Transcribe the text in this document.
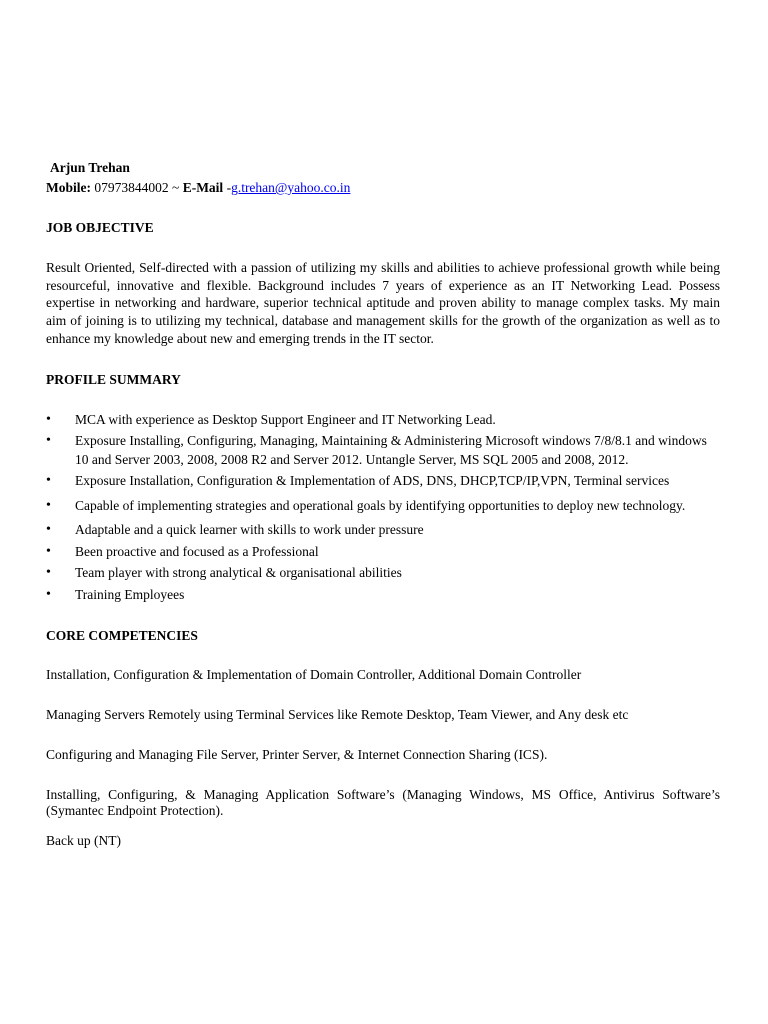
Arjun Trehan

Mobile: 07973844002 ~ E-Mail -g.trehan@yahoo.co.in

JOB OBJECTIVE

Result Oriented, Self-directed with a passion of utilizing my skills and abilities to achieve professional growth while being resourceful, innovative and flexible. Background includes 7 years of experience as an IT Networking Lead. Possess expertise in networking and hardware, superior technical aptitude and proven ability to manage complex tasks. My main aim of joining is to utilizing my technical, database and management skills for the growth of the organization as well as to enhance my knowledge about new and emerging trends in the IT sector.

PROFILE SUMMARY
• MCA with experience as Desktop Support Engineer and IT Networking Lead.
• Exposure Installing, Configuring, Managing, Maintaining & Administering Microsoft windows 7/8/8.1 and windows 10 and Server 2003, 2008, 2008 R2 and Server 2012. Untangle Server, MS SQL 2005 and 2008, 2012.
• Exposure Installation, Configuration & Implementation of ADS, DNS, DHCP,TCP/IP,VPN, Terminal services
• Capable of implementing strategies and operational goals by identifying opportunities to deploy new technology.
• Adaptable and a quick learner with skills to work under pressure
• Been proactive and focused as a Professional
• Team player with strong analytical & organisational abilities
• Training Employees
CORE COMPETENCIES

Installation, Configuration & Implementation of Domain Controller, Additional Domain Controller

Managing Servers Remotely using Terminal Services like Remote Desktop, Team Viewer, and Any desk etc

Configuring and Managing File Server, Printer Server, & Internet Connection Sharing (ICS).

Installing, Configuring, & Managing Application Software’s (Managing Windows, MS Office, Antivirus Software’s (Symantec Endpoint Protection).

Back up (NT)
